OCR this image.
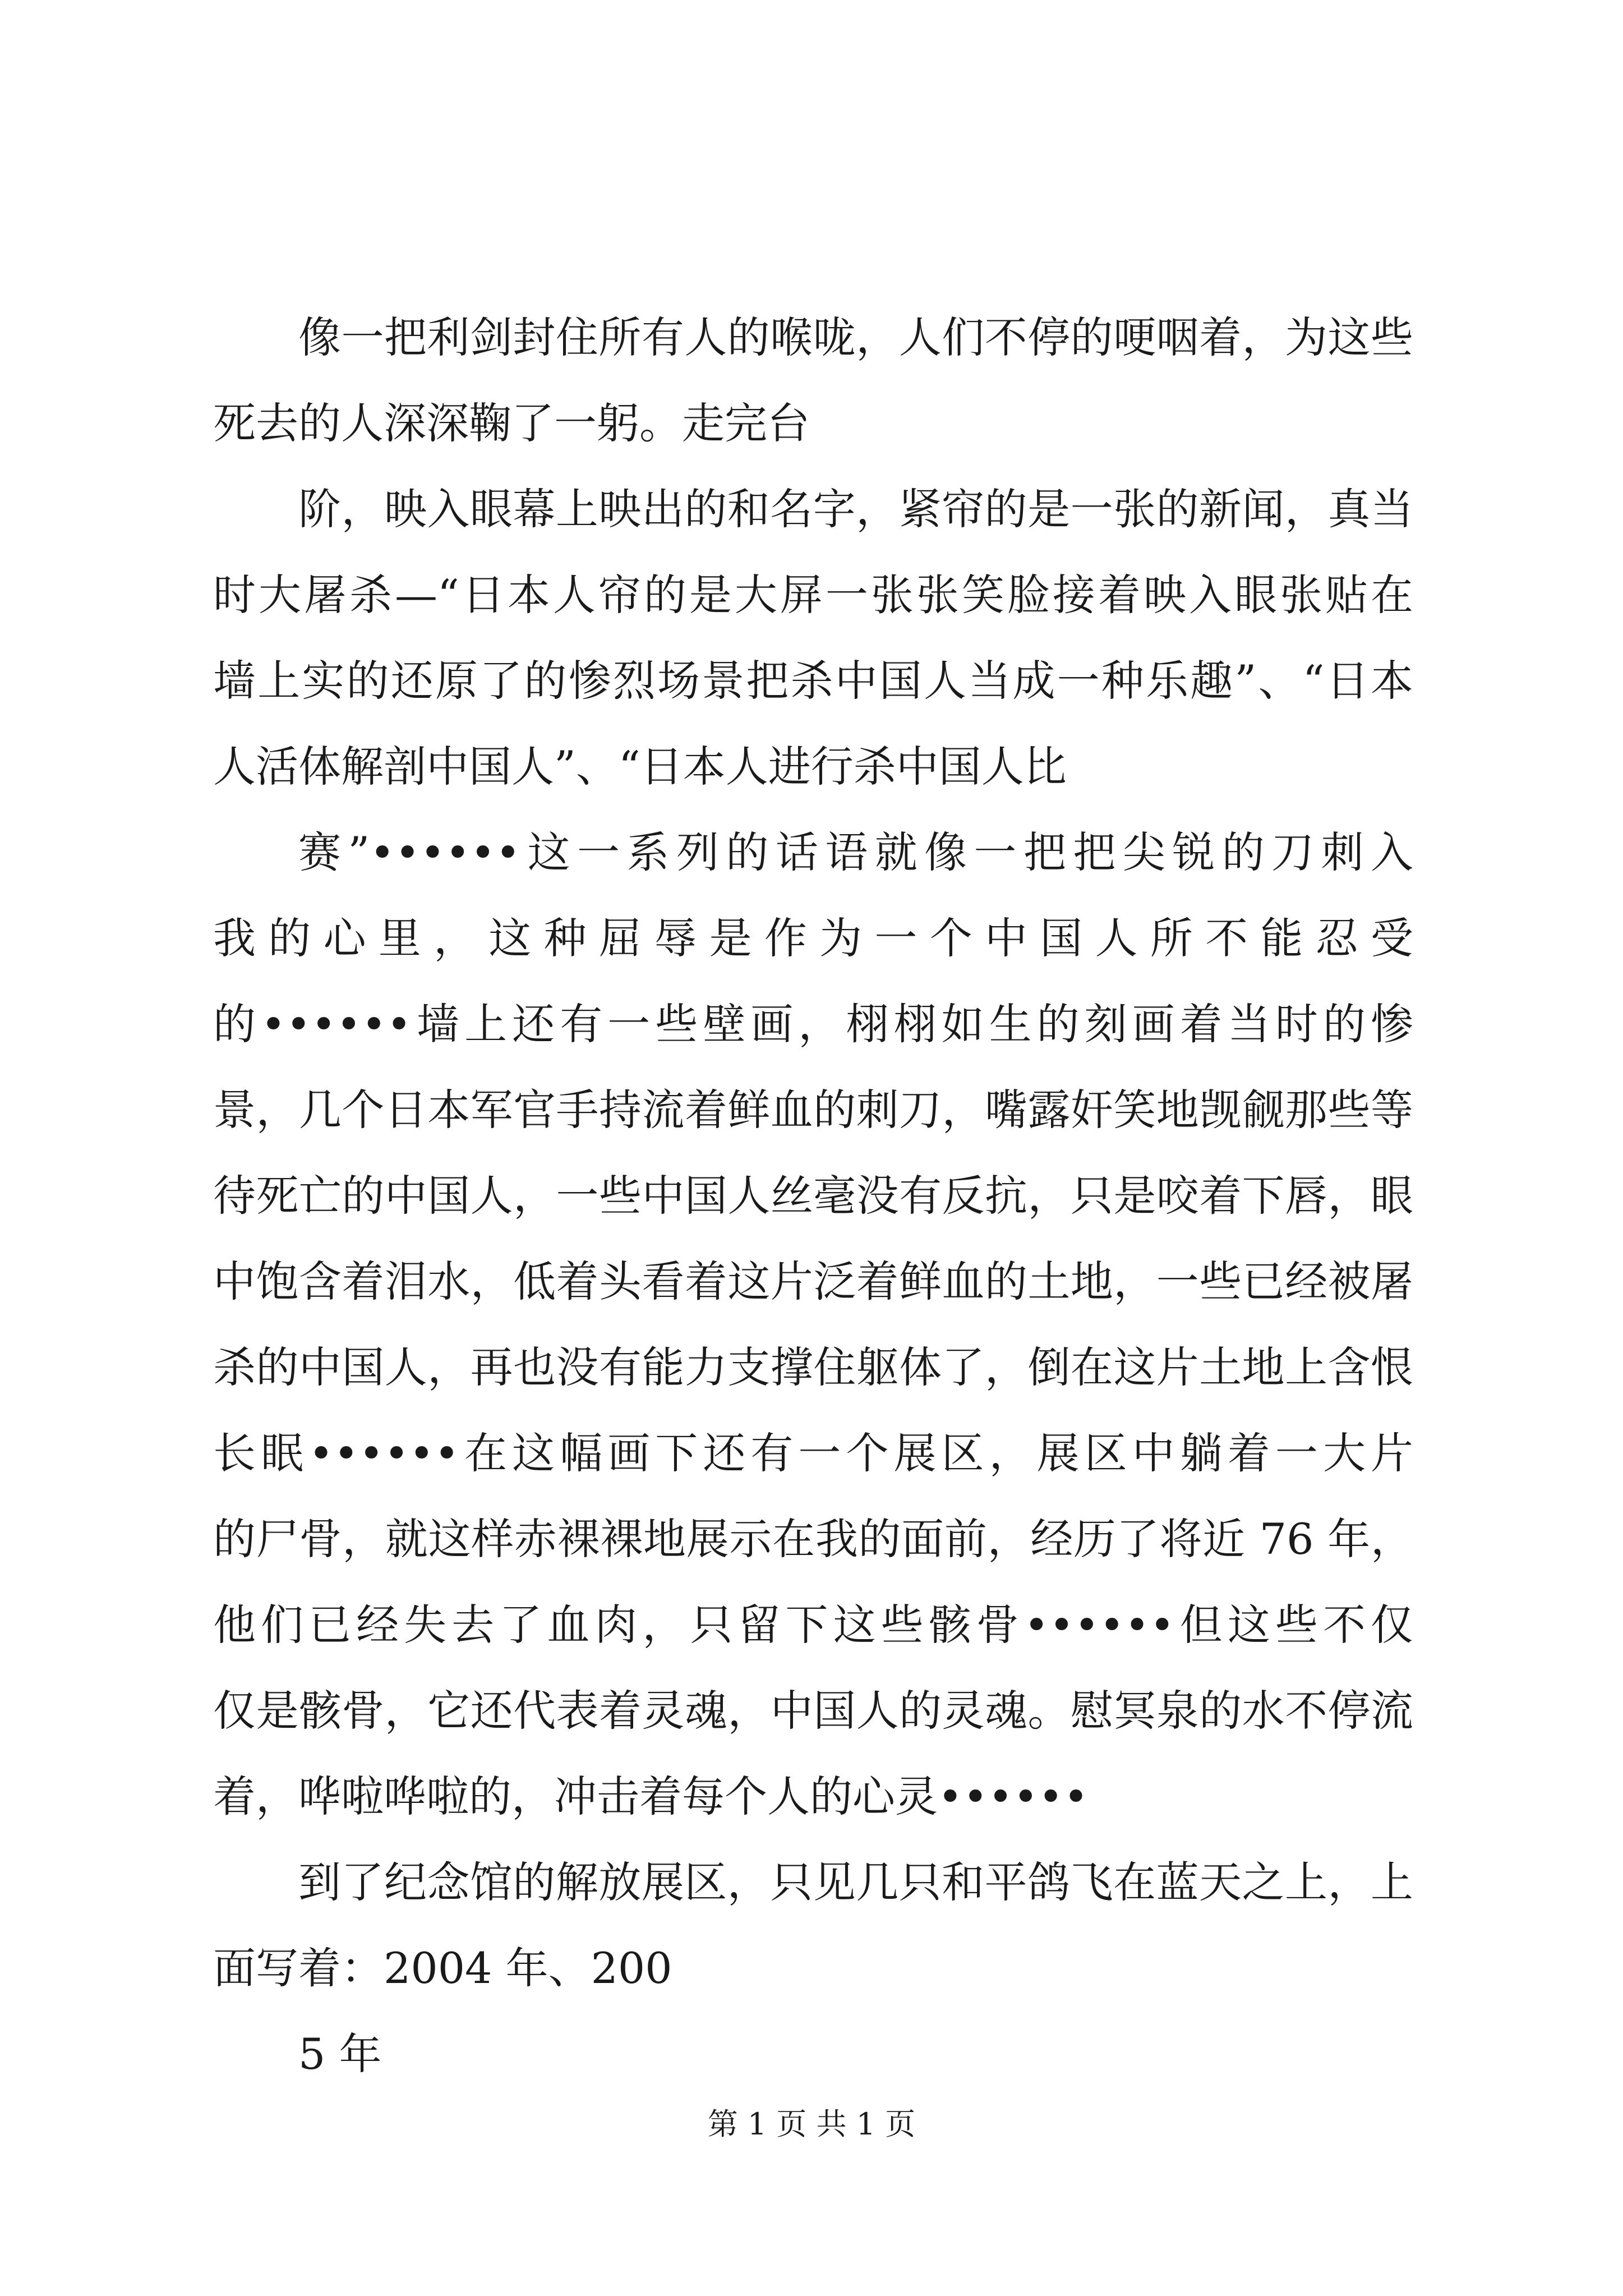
像一把利剑封住所有人的喉咙，人们不停的哽咽着，为这些
死去的人深深鞠了一躬。走完台
阶，映入眼幕上映出的和名字，紧帘的是一张的新闻，真当
时大屠杀—“日本人帘的是大屏一张张笑脸接着映入眼张贴在
墙上实的还原了的惨烈场景把杀中国人当成一种乐趣”、“日本
人活体解剖中国人”、“日本人进行杀中国人比
赛”••••••这一系列的话语就像一把把尖锐的刀刺入
我的心里，这种屈辱是作为一个中国人所不能忍受
的••••••墙上还有一些壁画，栩栩如生的刻画着当时的惨
景，几个日本军官手持流着鲜血的刺刀，嘴露奸笑地觊觎那些等
待死亡的中国人，一些中国人丝毫没有反抗，只是咬着下唇，眼
中饱含着泪水，低着头看着这片泛着鲜血的土地，一些已经被屠
杀的中国人，再也没有能力支撑住躯体了，倒在这片土地上含恨
长眠••••••在这幅画下还有一个展区，展区中躺着一大片
的尸骨，就这样赤裸裸地展示在我的面前，经历了将近 76 年，
他们已经失去了血肉，只留下这些骸骨••••••但这些不仅
仅是骸骨，它还代表着灵魂，中国人的灵魂。慰冥泉的水不停流
着，哗啦哗啦的，冲击着每个人的心灵••••••
到了纪念馆的解放展区，只见几只和平鸽飞在蓝天之上，上
面写着：2004 年、200
5 年
第 1 页 共 1 页
